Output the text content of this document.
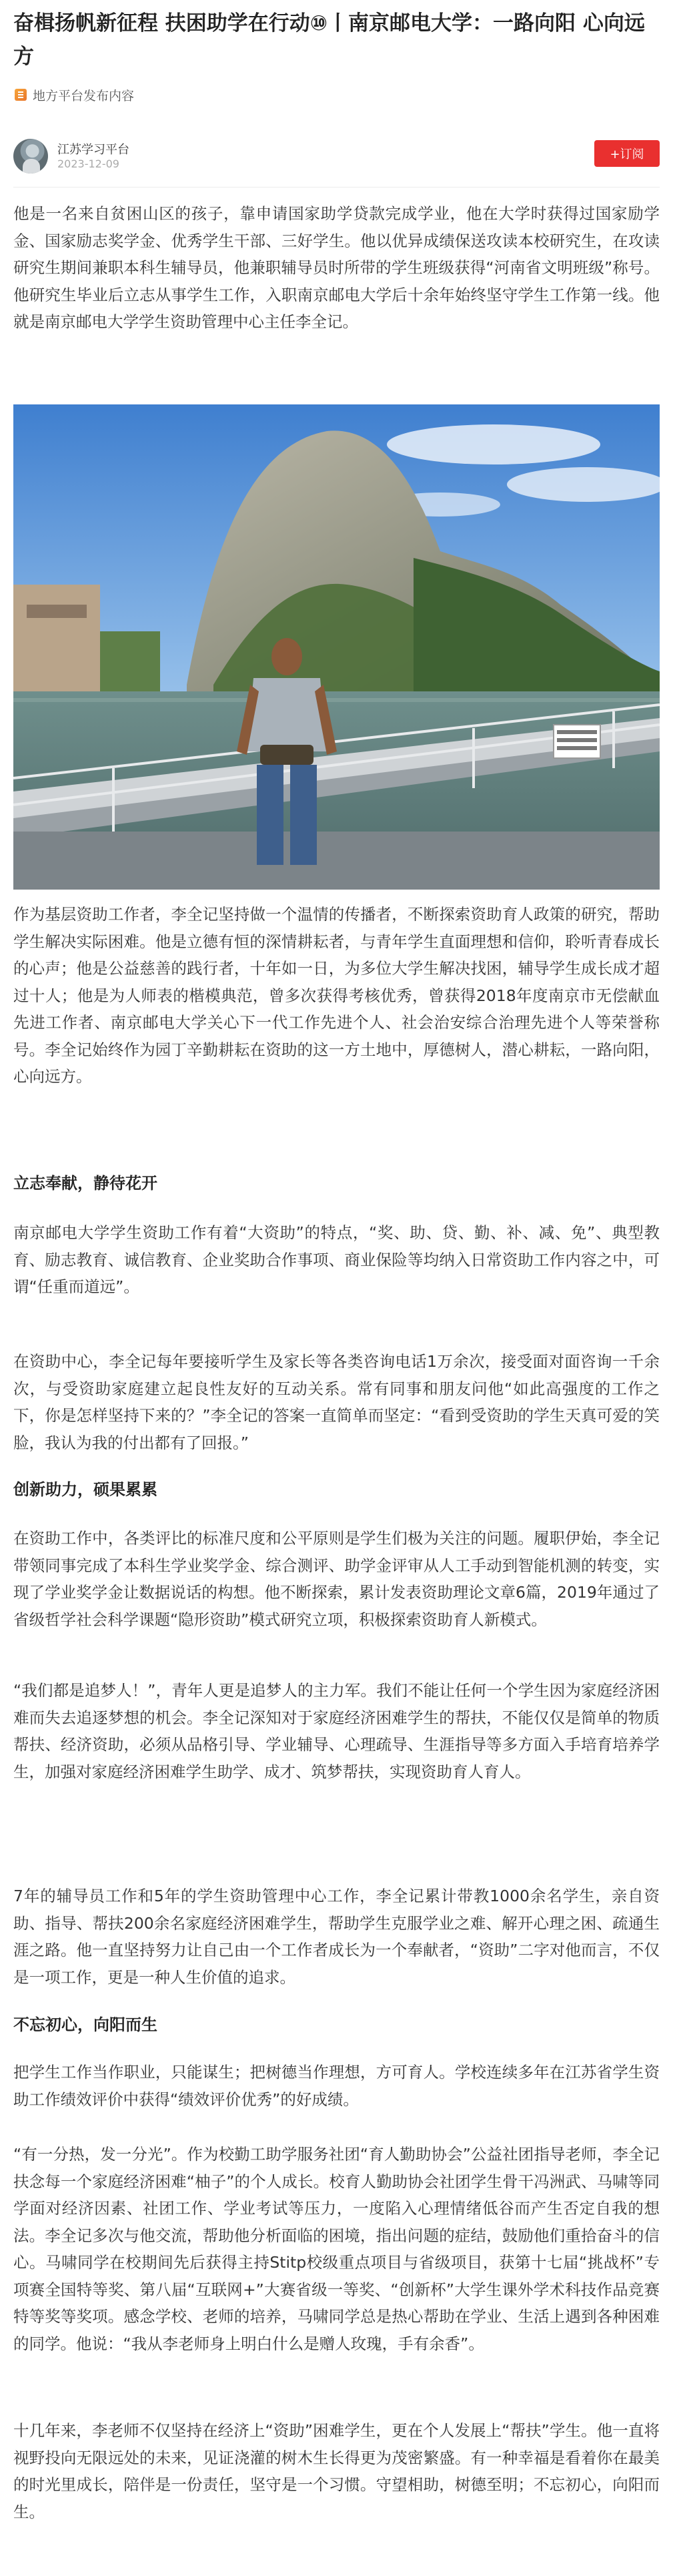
奋楫扬帆新征程 扶困助学在行动⑩丨南京邮电大学：一路向阳 心向远方
地方平台发布内容
江苏学习平台
2023-12-09
+订阅

他是一名来自贫困山区的孩子，靠申请国家助学贷款完成学业，他在大学时获得过国家励学金、国家励志奖学金、优秀学生干部、三好学生。他以优异成绩保送攻读本校研究生，在攻读研究生期间兼职本科生辅导员，他兼职辅导员时所带的学生班级获得“河南省文明班级”称号。他研究生毕业后立志从事学生工作，入职南京邮电大学后十余年始终坚守学生工作第一线。他就是南京邮电大学学生资助管理中心主任李全记。

作为基层资助工作者，李全记坚持做一个温情的传播者，不断探索资助育人政策的研究，帮助学生解决实际困难。他是立德有恒的深情耕耘者，与青年学生直面理想和信仰，聆听青春成长的心声；他是公益慈善的践行者，十年如一日，为多位大学生解决找困，辅导学生成长成才超过十人；他是为人师表的楷模典范，曾多次获得考核优秀，曾获得2018年度南京市无偿献血先进工作者、南京邮电大学关心下一代工作先进个人、社会治安综合治理先进个人等荣誉称号。李全记始终作为园丁辛勤耕耘在资助的这一方土地中，厚德树人，潜心耕耘，一路向阳，心向远方。

立志奉献，静待花开

南京邮电大学学生资助工作有着“大资助”的特点，“奖、助、贷、勤、补、减、免”、典型教育、励志教育、诚信教育、企业奖助合作事项、商业保险等均纳入日常资助工作内容之中，可谓“任重而道远”。

在资助中心，李全记每年要接听学生及家长等各类咨询电话1万余次，接受面对面咨询一千余次，与受资助家庭建立起良性友好的互动关系。常有同事和朋友问他“如此高强度的工作之下，你是怎样坚持下来的？”李全记的答案一直简单而坚定：“看到受资助的学生天真可爱的笑脸，我认为我的付出都有了回报。”

创新助力，硕果累累

在资助工作中，各类评比的标准尺度和公平原则是学生们极为关注的问题。履职伊始，李全记带领同事完成了本科生学业奖学金、综合测评、助学金评审从人工手动到智能机测的转变，实现了学业奖学金让数据说话的构想。他不断探索，累计发表资助理论文章6篇，2019年通过了省级哲学社会科学课题“隐形资助”模式研究立项，积极探索资助育人新模式。

“我们都是追梦人！”，青年人更是追梦人的主力军。我们不能让任何一个学生因为家庭经济困难而失去追逐梦想的机会。李全记深知对于家庭经济困难学生的帮扶，不能仅仅是简单的物质帮扶、经济资助，必须从品格引导、学业辅导、心理疏导、生涯指导等多方面入手培育培养学生，加强对家庭经济困难学生助学、成才、筑梦帮扶，实现资助育人育人。

7年的辅导员工作和5年的学生资助管理中心工作，李全记累计带教1000余名学生，亲自资助、指导、帮扶200余名家庭经济困难学生，帮助学生克服学业之难、解开心理之困、疏通生涯之路。他一直坚持努力让自己由一个工作者成长为一个奉献者，“资助”二字对他而言，不仅是一项工作，更是一种人生价值的追求。

不忘初心，向阳而生

把学生工作当作职业，只能谋生；把树德当作理想，方可育人。学校连续多年在江苏省学生资助工作绩效评价中获得“绩效评价优秀”的好成绩。

“有一分热，发一分光”。作为校勤工助学服务社团“育人勤助协会”公益社团指导老师，李全记扶念每一个家庭经济困难“柚子”的个人成长。校育人勤助协会社团学生骨干冯洲武、马啸等同学面对经济因素、社团工作、学业考试等压力，一度陷入心理情绪低谷而产生否定自我的想法。李全记多次与他交流，帮助他分析面临的困境，指出问题的症结，鼓励他们重拾奋斗的信心。马啸同学在校期间先后获得主持Stitp校级重点项目与省级项目，获第十七届“挑战杯”专项赛全国特等奖、第八届“互联网+”大赛省级一等奖、“创新杯”大学生课外学术科技作品竞赛特等奖等奖项。感念学校、老师的培养，马啸同学总是热心帮助在学业、生活上遇到各种困难的同学。他说：“我从李老师身上明白什么是赠人玫瑰，手有余香”。

十几年来，李老师不仅坚持在经济上“资助”困难学生，更在个人发展上“帮扶”学生。他一直将视野投向无限远处的未来，见证浇灌的树木生长得更为茂密繁盛。有一种幸福是看着你在最美的时光里成长，陪伴是一份责任，坚守是一个习惯。守望相助，树德至明；不忘初心，向阳而生。
